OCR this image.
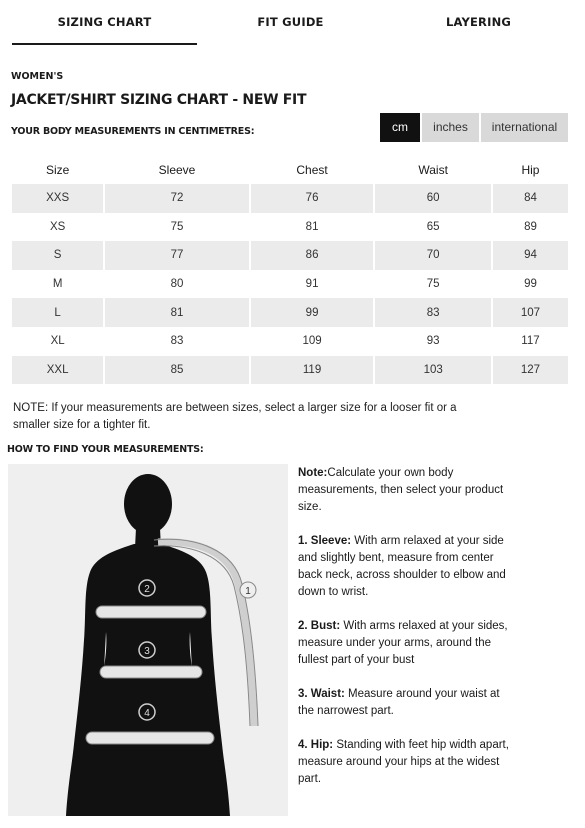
SIZING CHART	FIT GUIDE	LAYERING
WOMEN'S
JACKET/SHIRT SIZING CHART - NEW FIT
YOUR BODY MEASUREMENTS IN CENTIMETRES:	cm	inches	international
Size	Sleeve	Chest	Waist	Hip
XXS	72	76	60	84
XS	75	81	65	89
S	77	86	70	94
M	80	91	75	99
L	81	99	83	107
XL	83	109	93	117
XXL	85	119	103	127
NOTE: If your measurements are between sizes, select a larger size for a looser fit or a smaller size for a tighter fit.
HOW TO FIND YOUR MEASUREMENTS:
1
2
3
4

Note:Calculate your own body measurements, then select your product size.

1. Sleeve: With arm relaxed at your side and slightly bent, measure from center back neck, across shoulder to elbow and down to wrist.

2. Bust: With arms relaxed at your sides, measure under your arms, around the fullest part of your bust

3. Waist: Measure around your waist at the narrowest part.

4. Hip: Standing with feet hip width apart, measure around your hips at the widest part.
